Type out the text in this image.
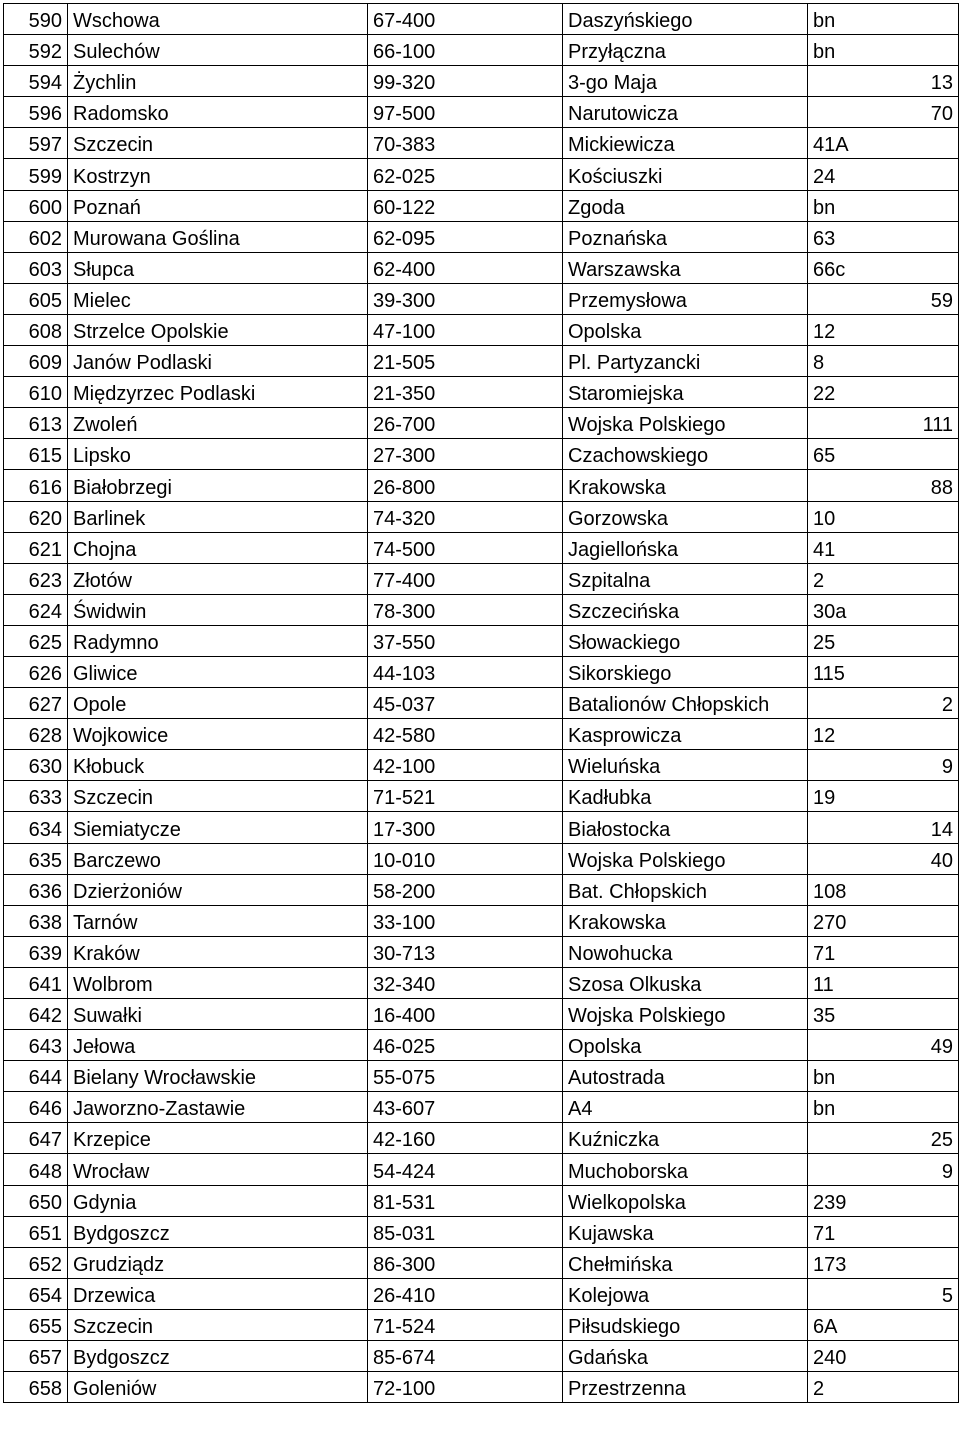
590	Wschowa	67-400	Daszyńskiego	bn
592	Sulechów	66-100	Przyłączna	bn
594	Żychlin	99-320	3-go Maja	13
596	Radomsko	97-500	Narutowicza	70
597	Szczecin	70-383	Mickiewicza	41A
599	Kostrzyn	62-025	Kościuszki	24
600	Poznań	60-122	Zgoda	bn
602	Murowana Goślina	62-095	Poznańska	63
603	Słupca	62-400	Warszawska	66c
605	Mielec	39-300	Przemysłowa	59
608	Strzelce Opolskie	47-100	Opolska	12
609	Janów Podlaski	21-505	Pl. Partyzancki	8
610	Międzyrzec Podlaski	21-350	Staromiejska	22
613	Zwoleń	26-700	Wojska Polskiego	111
615	Lipsko	27-300	Czachowskiego	65
616	Białobrzegi	26-800	Krakowska	88
620	Barlinek	74-320	Gorzowska	10
621	Chojna	74-500	Jagiellońska	41
623	Złotów	77-400	Szpitalna	2
624	Świdwin	78-300	Szczecińska	30a
625	Radymno	37-550	Słowackiego	25
626	Gliwice	44-103	Sikorskiego	115
627	Opole	45-037	Batalionów Chłopskich	2
628	Wojkowice	42-580	Kasprowicza	12
630	Kłobuck	42-100	Wieluńska	9
633	Szczecin	71-521	Kadłubka	19
634	Siemiatycze	17-300	Białostocka	14
635	Barczewo	10-010	Wojska Polskiego	40
636	Dzierżoniów	58-200	Bat. Chłopskich	108
638	Tarnów	33-100	Krakowska	270
639	Kraków	30-713	Nowohucka	71
641	Wolbrom	32-340	Szosa Olkuska	11
642	Suwałki	16-400	Wojska Polskiego	35
643	Jełowa	46-025	Opolska	49
644	Bielany Wrocławskie	55-075	Autostrada	bn
646	Jaworzno-Zastawie	43-607	A4	bn
647	Krzepice	42-160	Kuźniczka	25
648	Wrocław	54-424	Muchoborska	9
650	Gdynia	81-531	Wielkopolska	239
651	Bydgoszcz	85-031	Kujawska	71
652	Grudziądz	86-300	Chełmińska	173
654	Drzewica	26-410	Kolejowa	5
655	Szczecin	71-524	Piłsudskiego	6A
657	Bydgoszcz	85-674	Gdańska	240
658	Goleniów	72-100	Przestrzenna	2
